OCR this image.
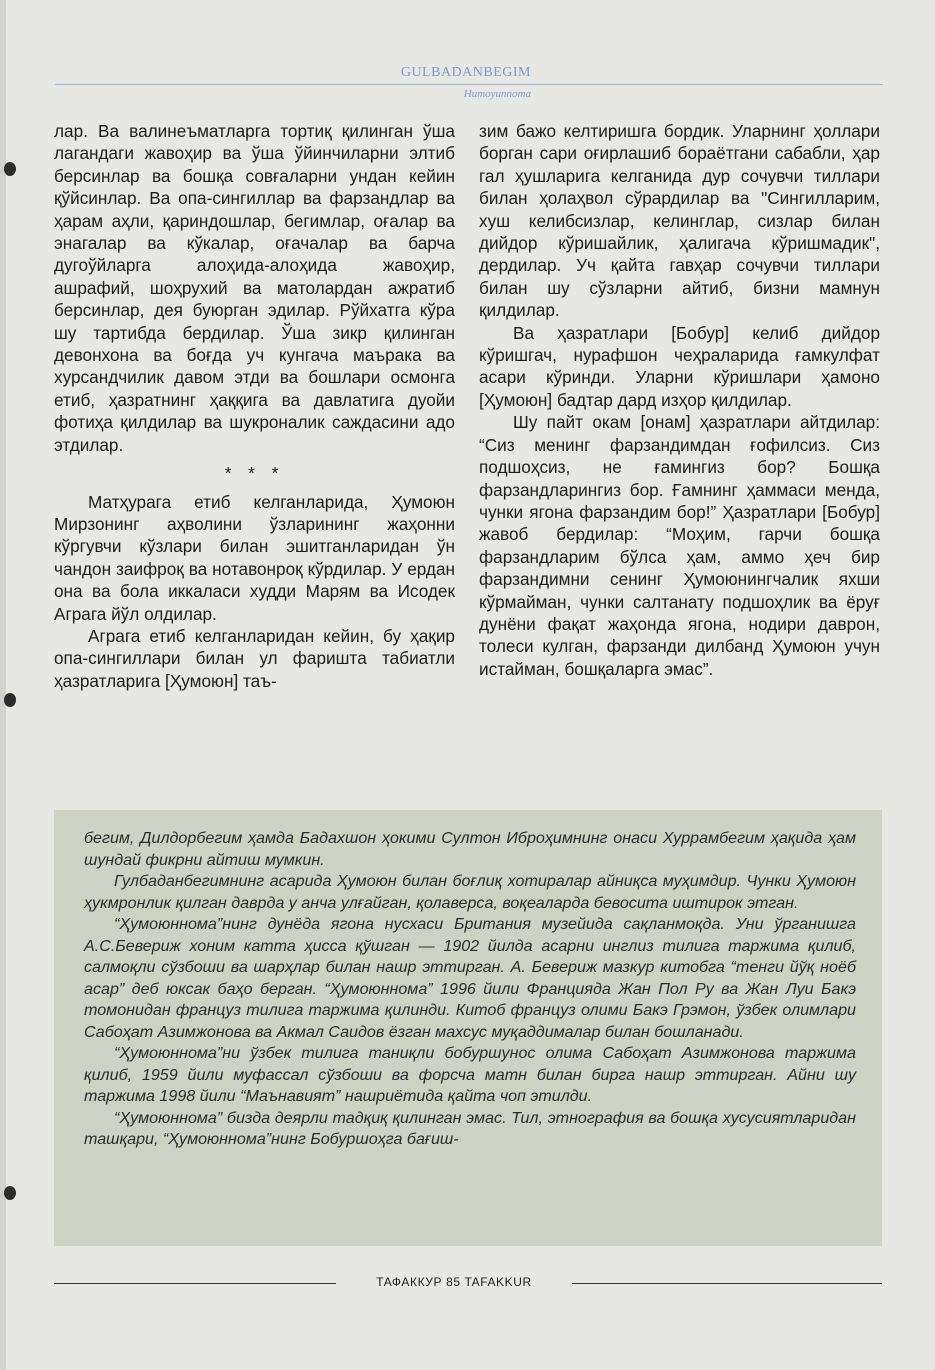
GULBADANBEGIM
Humoyunnoma

лар. Ва валинеъматларга тортиқ қилинган ўша лагандаги жавоҳир ва ўша ўйинчиларни элтиб берсинлар ва бошқа совғаларни ундан кейин қўйсинлар. Ва опа-сингиллар ва фарзандлар ва ҳарам аҳли, қариндошлар, бегимлар, оғалар ва энагалар ва кўкалар, оғачалар ва барча дугоўйларга алоҳида-алоҳида жавоҳир, ашрафий, шоҳрухий ва матолардан ажратиб берсинлар, дея буюрган эдилар. Рўйхатга кўра шу тартибда бердилар. Ўша зикр қилинган девонхона ва боғда уч кунгача маърака ва хурсандчилик давом этди ва бошлари осмонга етиб, ҳазратнинг ҳаққига ва давлатига дуойи фотиҳа қилдилар ва шукроналик саждасини адо этдилар.

* * *

Матҳурага етиб келганларида, Ҳумоюн Мирзонинг аҳволини ўзларининг жаҳонни кўргувчи кўзлари билан эшитганларидан ўн чандон заифроқ ва нотавонроқ кўрдилар. У ердан она ва бола иккаласи худди Марям ва Исодек Аграга йўл олдилар.

Аграга етиб келганларидан кейин, бу ҳақир опа-сингиллари билан ул фариштa табиатли ҳазратларига [Ҳумоюн] таъ-

зим бажо келтиришга бордик. Уларнинг ҳоллари борган сари оғирлашиб бораётгани сабабли, ҳар гал ҳушларига келганида дур сочувчи тиллари билан ҳолаҳвол сўрардилар ва "Сингилларим, хуш келибсизлар, келинглар, сизлар билан дийдор кўришайлик, ҳалигача кўришмадик", дердилар. Уч қайта гавҳар сочувчи тиллари билан шу сўзларни айтиб, бизни мамнун қилдилар.

Ва ҳазратлари [Бобур] келиб дийдор кўришгач, нурафшон чеҳраларида ғамкулфат асари кўринди. Уларни кўришлари ҳамоно [Ҳумоюн] бадтар дард изҳор қилдилар.

Шу пайт окам [онам] ҳазратлари айтдилар: “Сиз менинг фарзандимдан ғофилсиз. Сиз подшоҳсиз, не ғамингиз бор? Бошқа фарзандларингиз бор. Ғамнинг ҳаммаси менда, чунки ягона фарзандим бор!” Ҳазратлари [Бобур] жавоб бердилар: “Моҳим, гарчи бошқа фарзандларим бўлса ҳам, аммо ҳеч бир фарзандимни сенинг Ҳумоюнингчалик яхши кўрмайман, чунки салтанату подшоҳлик ва ёруғ дунёни фақат жаҳонда ягона, нодири даврон, толеси кулган, фарзанди дилбанд Ҳумоюн учун истайман, бошқаларга эмас”.

бегим, Дилдорбегим ҳамда Бадахшон ҳокими Султон Иброҳимнинг онаси Хуррамбегим ҳақида ҳам шундай фикрни айтиш мумкин.

Гулбаданбегимнинг асарида Ҳумоюн билан боғлиқ хотиралар айниқса муҳимдир. Чунки Ҳумоюн ҳукмронлик қилган даврда у анча улғайган, қолаверса, воқеаларда бевосита иштирок этган.

“Ҳумоюннома”нинг дунёда ягона нусхаси Британия музейида сақланмоқда. Уни ўрганишга А.С.Бевериж хоним катта ҳисса қўшган — 1902 йилда асарни инглиз тилига таржима қилиб, салмоқли сўзбоши ва шарҳлар билан нашр эттирган. А. Бевериж мазкур китобга “тенги йўқ ноёб асар” деб юксак баҳо берган. “Ҳумоюннома” 1996 йили Францияда Жан Пол Ру ва Жан Луи Бакэ томонидан француз тилига таржима қилинди. Китоб француз олими Бакэ Грэмон, ўзбек олимлари Сабоҳат Азимжонова ва Акмал Саидов ёзган махсус муқаддималар билан бошланади.

“Ҳумоюннома”ни ўзбек тилига таниқли бобуршунос олима Сабоҳат Азимжонова таржима қилиб, 1959 йили муфассал сўзбоши ва форсча матн билан бирга нашр эттирган. Айни шу таржима 1998 йили “Маънавият” нашриётида қайта чоп этилди.

“Ҳумоюннома” бизда деярли тадқиқ қилинган эмас. Тил, этнография ва бошқа хусусиятларидан ташқари, “Ҳумоюннома”нинг Бобуршоҳга бағиш-

ТАФАККУР 85 TAFAKKUR
